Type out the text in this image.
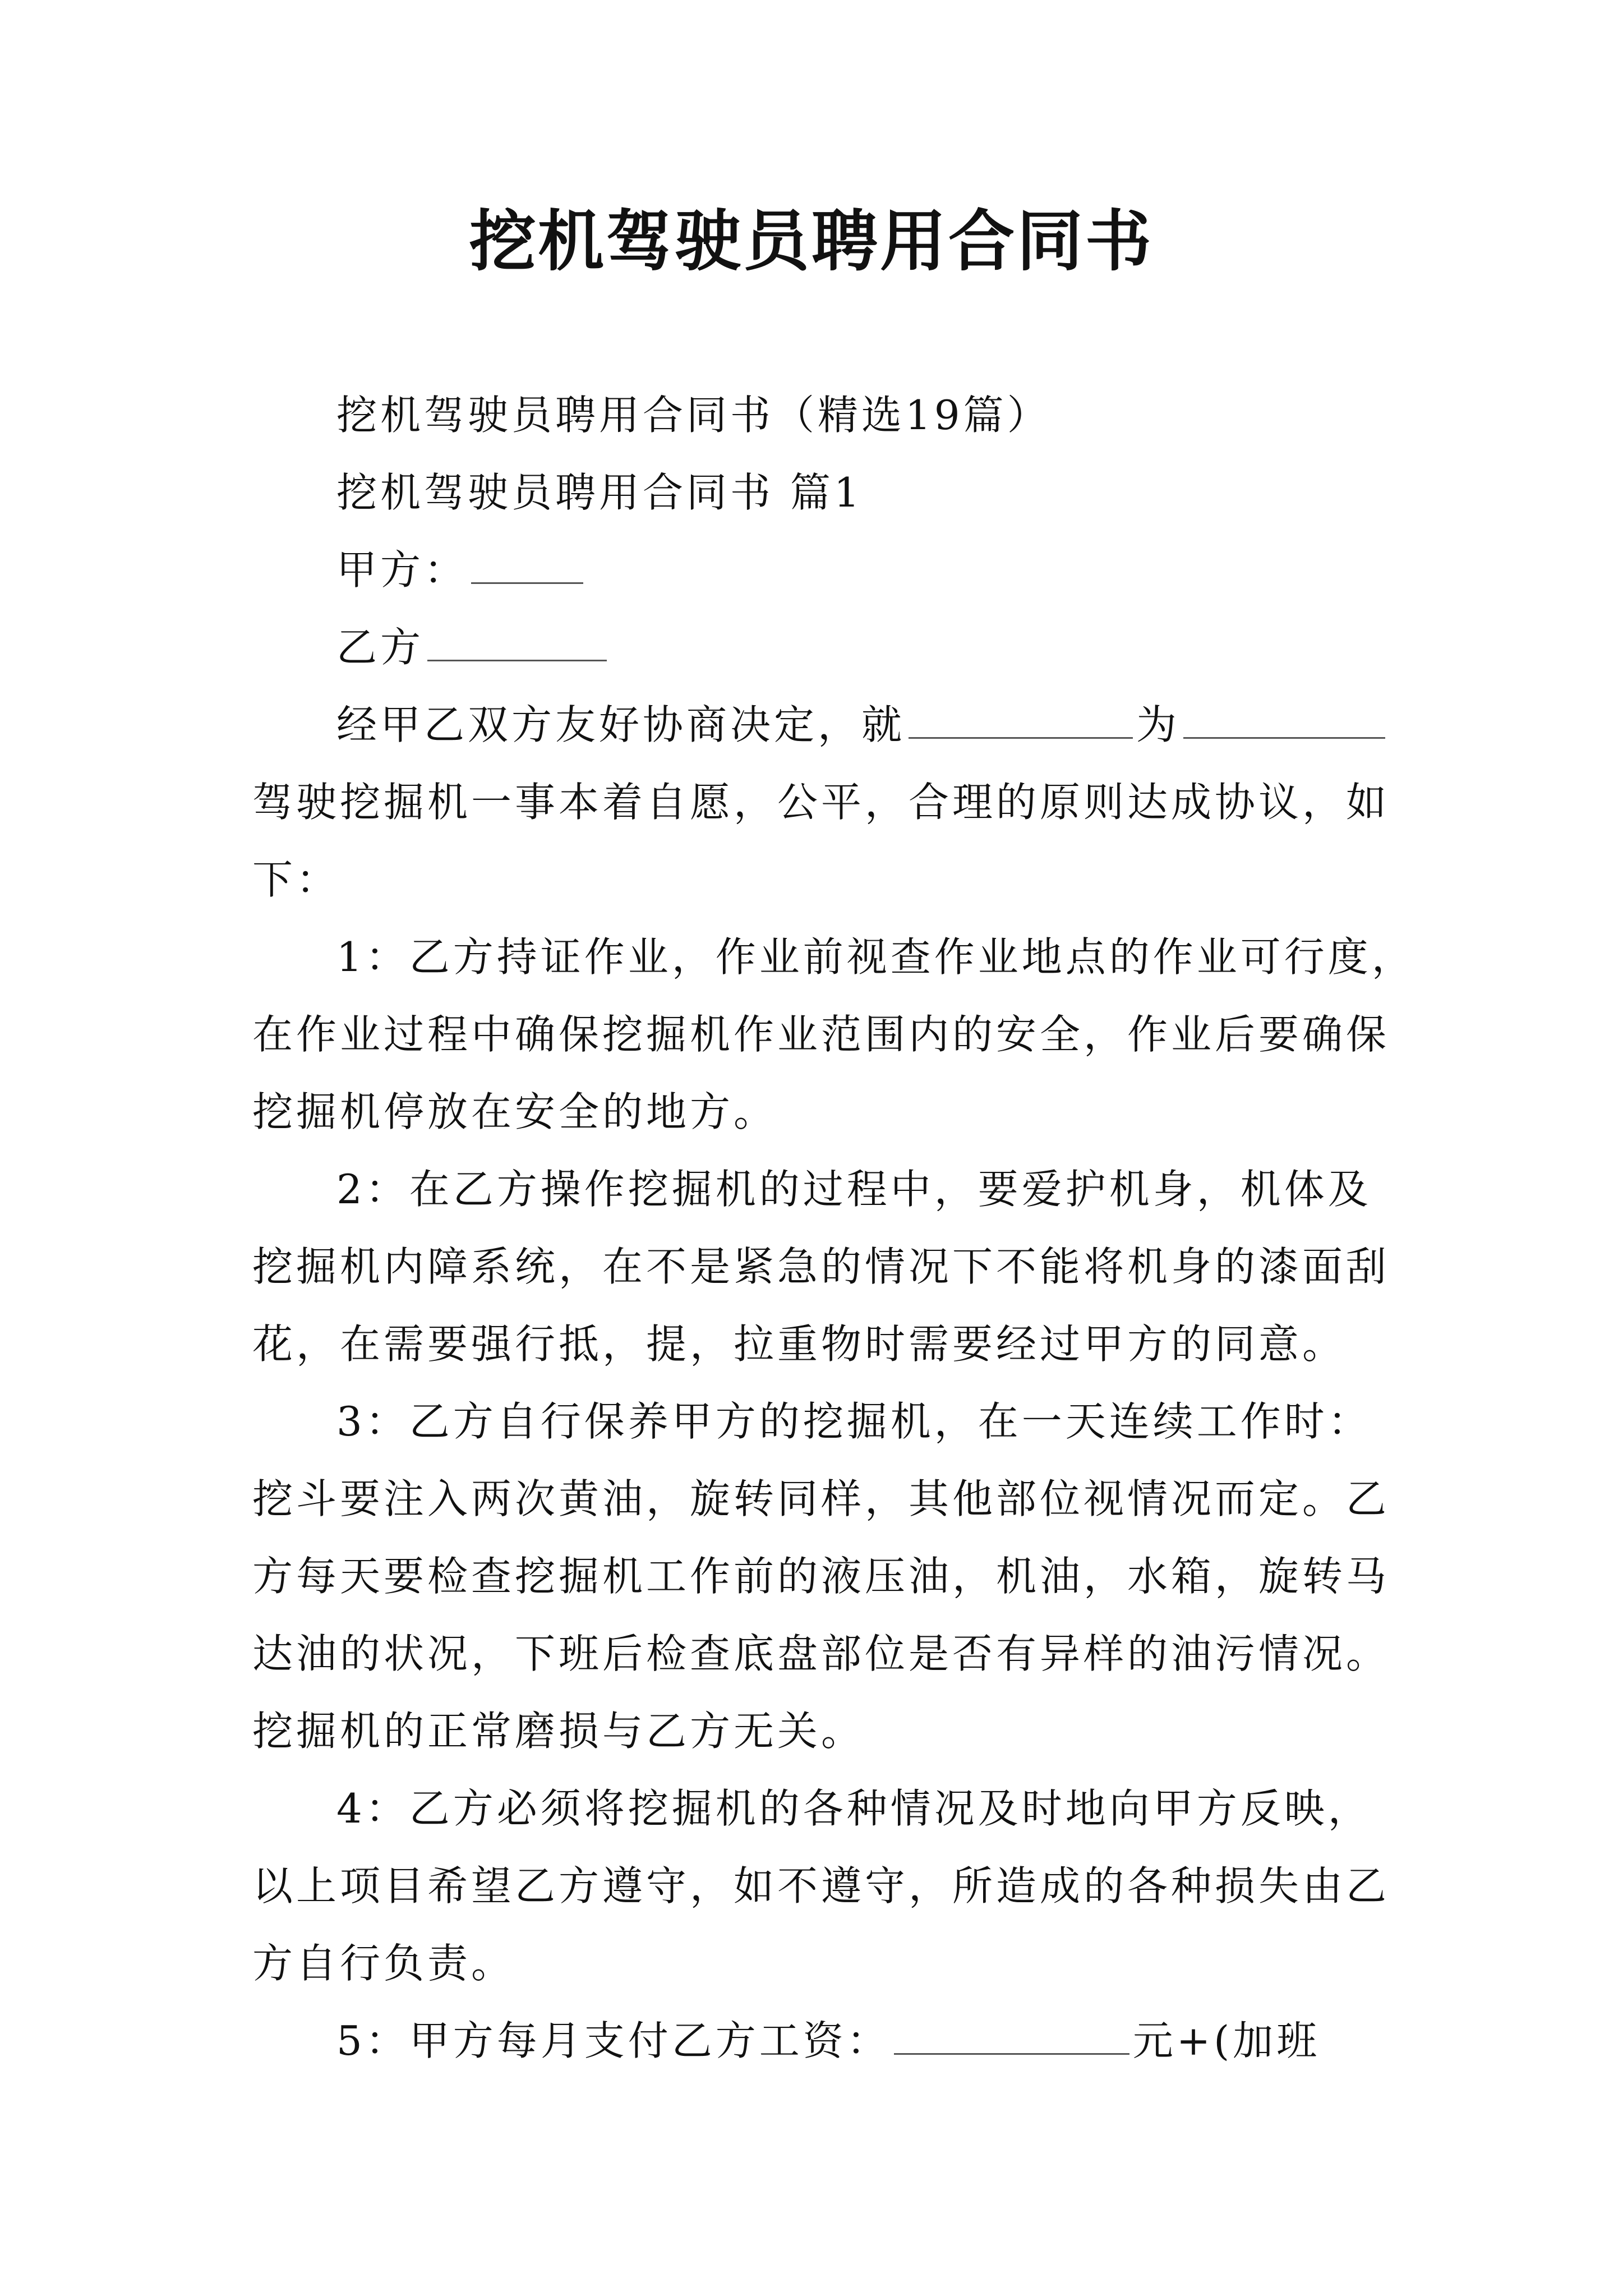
挖机驾驶员聘用合同书
挖机驾驶员聘用合同书（精选19篇）
挖机驾驶员聘用合同书 篇1
甲方：
乙方
经甲乙双方友好协商决定，就	为
驾驶挖掘机一事本着自愿，公平，合理的原则达成协议，如
下：
1：乙方持证作业，作业前视查作业地点的作业可行度，
在作业过程中确保挖掘机作业范围内的安全，作业后要确保
挖掘机停放在安全的地方。
2：在乙方操作挖掘机的过程中，要爱护机身，机体及
挖掘机内障系统，在不是紧急的情况下不能将机身的漆面刮
花，在需要强行抵，提，拉重物时需要经过甲方的同意。
3：乙方自行保养甲方的挖掘机，在一天连续工作时：
挖斗要注入两次黄油，旋转同样，其他部位视情况而定。乙
方每天要检查挖掘机工作前的液压油，机油，水箱，旋转马
达油的状况，下班后检查底盘部位是否有异样的油污情况。
挖掘机的正常磨损与乙方无关。
4：乙方必须将挖掘机的各种情况及时地向甲方反映，
以上项目希望乙方遵守，如不遵守，所造成的各种损失由乙
方自行负责。
5：甲方每月支付乙方工资：	元+(加班
